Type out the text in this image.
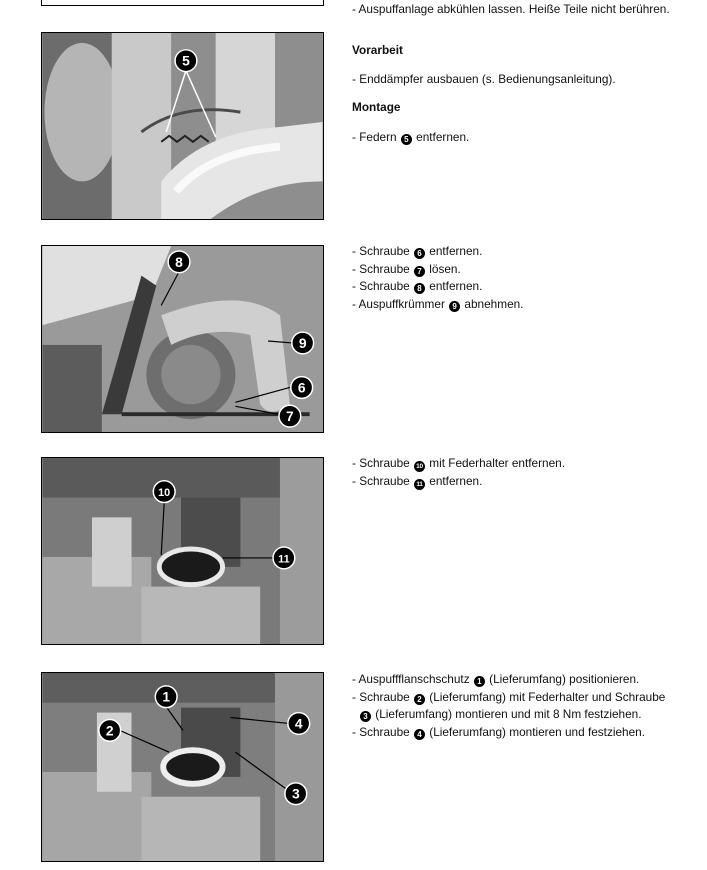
- Auspuffanlage abkühlen lassen. Heiße Teile nicht berühren.
5
Vorarbeit
- Enddämpfer ausbauen (s. Bedienungsanleitung).
Montage
- Federn 5 entfernen.
8
9
6
7
- Schraube 6 entfernen.
- Schraube 7 lösen.
- Schraube 8 entfernen.
- Auspuffkrümmer 9 abnehmen.
10
11
- Schraube 10 mit Federhalter entfernen.
- Schraube 11 entfernen.
1
2	4
3
- Auspuffflanschschutz 1 (Lieferumfang) positionieren.
- Schraube 2 (Lieferumfang) mit Federhalter und Schraube
3 (Lieferumfang) montieren und mit 8 Nm festziehen.
- Schraube 4 (Lieferumfang) montieren und festziehen.
